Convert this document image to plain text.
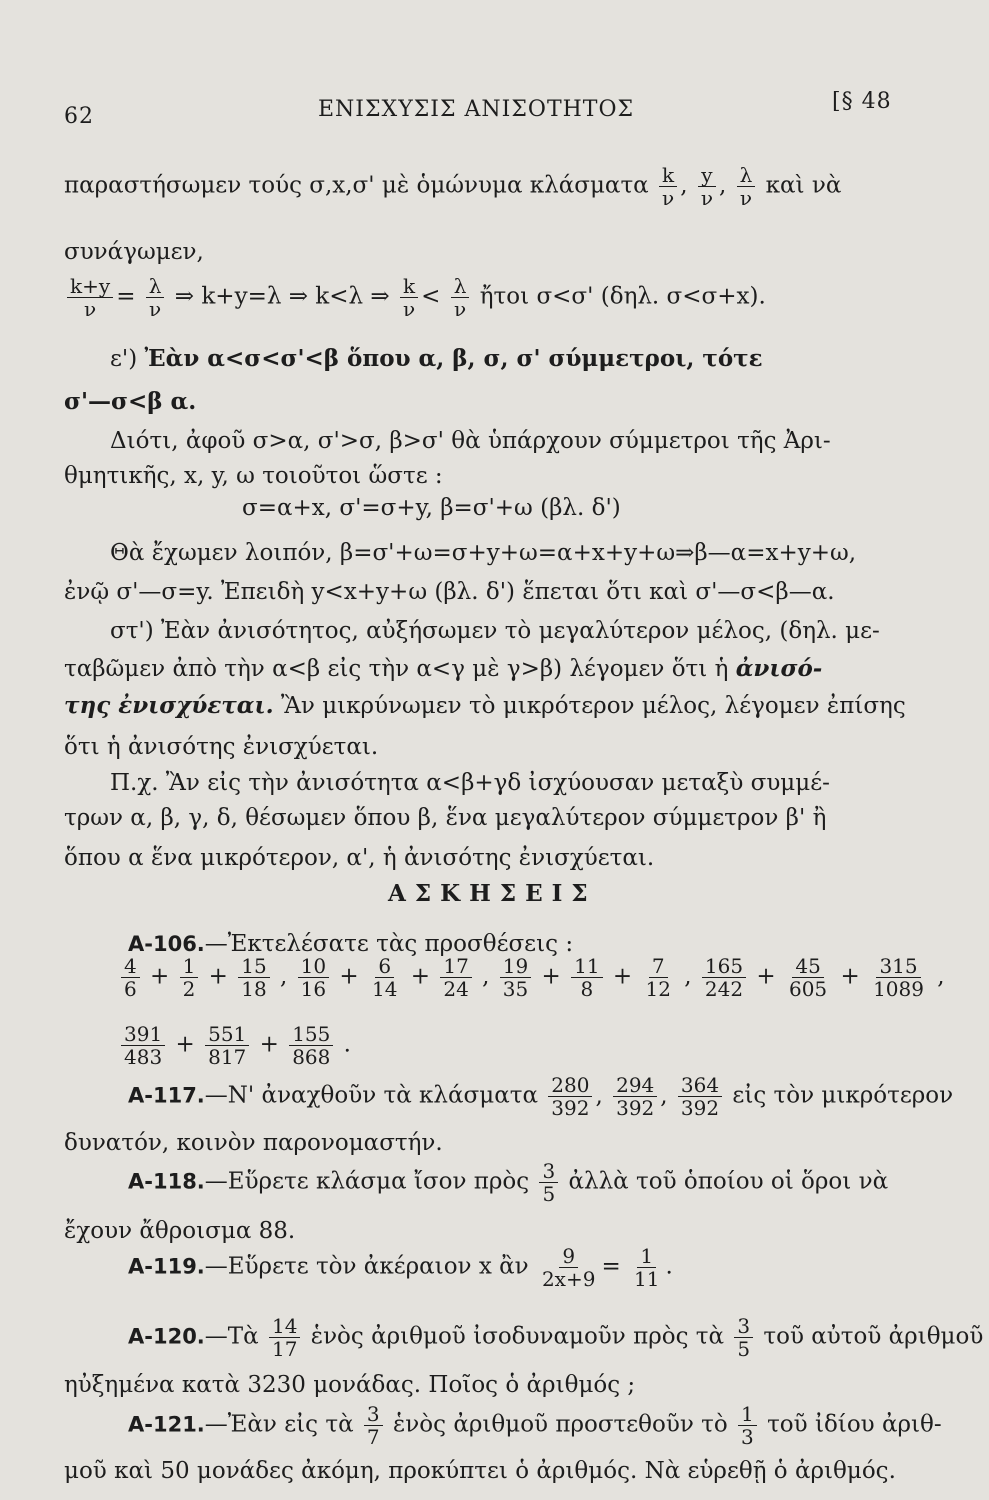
62	ΕΝΙΣΧΥΣΙΣ ΑΝΙΣΟΤΗΤΟΣ	[§ 48
παραστήσωμεν τούς σ,x,σ' μὲ ὁμώνυμα κλάσματα $\frac{k}{\nu}$ , $\frac{y}{\nu}$ , $\frac{\lambda}{\nu}$ καὶ νὰ
συνάγωμεν,
$\frac{k+y}{\nu} = \frac{\lambda}{\nu}$ ⇒ k+y=λ ⇒ k<λ ⇒ $\frac{k}{\nu} < \frac{\lambda}{\nu}$ ἤτοι σ<σ' (δηλ. σ<σ+x).
ε') Ἐὰν α<σ<σ'<β ὅπου α, β, σ, σ' σύμμετροι, τότε
σ'—σ<β α.
Διότι, ἀφοῦ σ>α, σ'>σ, β>σ' θὰ ὑπάρχουν σύμμετροι τῆς Ἀρι-
θμητικῆς, x, y, ω τοιοῦτοι ὥστε :
σ=α+x, σ'=σ+y, β=σ'+ω (βλ. δ')
Θὰ ἔχωμεν λοιπόν, β=σ'+ω=σ+y+ω=α+x+y+ω⇒β—α=x+y+ω,
ἐνῷ σ'—σ=y. Ἐπειδὴ y<x+y+ω (βλ. δ') ἕπεται ὅτι καὶ σ'—σ<β—α.
στ') Ἐὰν ἀνισότητος, αὐξήσωμεν τὸ μεγαλύτερον μέλος, (δηλ. με-
ταβῶμεν ἀπὸ τὴν α<β εἰς τὴν α<γ μὲ γ>β) λέγομεν ὅτι ἡ ἀνισό-
της ἐνισχύεται. Ἂν μικρύνωμεν τὸ μικρότερον μέλος, λέγομεν ἐπίσης
ὅτι ἡ ἀνισότης ἐνισχύεται.
Π.χ. Ἂν εἰς τὴν ἀνισότητα α<β+γδ ἰσχύουσαν μεταξὺ συμμέ-
τρων α, β, γ, δ, θέσωμεν ὅπου β, ἕνα μεγαλύτερον σύμμετρον β' ἢ
ὅπου α ἕνα μικρότερον, α', ἡ ἀνισότης ἐνισχύεται.
ΑΣΚΗΣΕΙΣ
Α-106.—Ἐκτελέσατε τὰς προσθέσεις :
$\frac{4}{6} + \frac{1}{2} + \frac{15}{18}$ , $\frac{10}{16} + \frac{6}{14} + \frac{17}{24}$ , $\frac{19}{35} + \frac{11}{8} + \frac{7}{12}$ , $\frac{165}{242} + \frac{45}{605} + \frac{315}{1089}$ ,
$\frac{391}{483} + \frac{551}{817} + \frac{155}{868}$ .
Α-117.—Ν' ἀναχθοῦν τὰ κλάσματα $\frac{280}{392}$ , $\frac{294}{392}$ , $\frac{364}{392}$ εἰς τὸν μικρότερον
δυνατόν, κοινὸν παρονομαστήν.
Α-118.—Εὕρετε κλάσμα ἴσον πρὸς $\frac{3}{5}$ ἀλλὰ τοῦ ὁποίου οἱ ὅροι νὰ
ἔχουν ἄθροισμα 88.
Α-119.—Εὕρετε τὸν ἀκέραιον x ἂν $\frac{9}{2x+9} = \frac{1}{11}$ .
Α-120.—Τὰ $\frac{14}{17}$ ἑνὸς ἀριθμοῦ ἰσοδυναμοῦν πρὸς τὰ $\frac{3}{5}$ τοῦ αὐτοῦ ἀριθμοῦ
ηὐξημένα κατὰ 3230 μονάδας. Ποῖος ὁ ἀριθμός ;
Α-121.—Ἐὰν εἰς τὰ $\frac{3}{7}$ ἑνὸς ἀριθμοῦ προστεθοῦν τὸ $\frac{1}{3}$ τοῦ ἰδίου ἀριθ-
μοῦ καὶ 50 μονάδες ἀκόμη, προκύπτει ὁ ἀριθμός. Νὰ εὑρεθῇ ὁ ἀριθμός.
